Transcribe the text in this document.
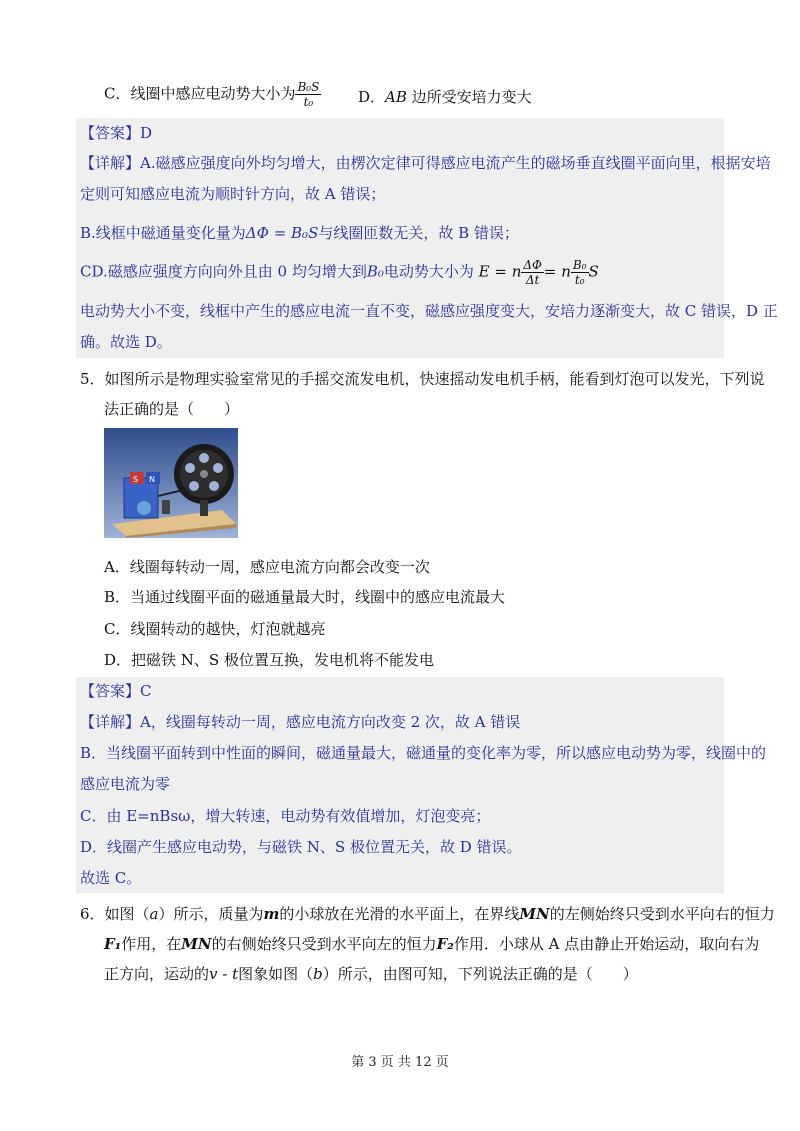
C．线圈中感应电动势大小为 $\frac{\text{B₀S}}{\text{t₀}}$ D．AB 边所受安培力变大
【答案】D
【详解】A.磁感应强度向外均匀增大，由楞次定律可得感应电流产生的磁场垂直线圈平面向里，根据安培
定则可知感应电流为顺时针方向，故 A 错误；
B.线框中磁通量变化量为ΔΦ = B₀S与线圈匝数无关，故 B 错误；
CD.磁感应强度方向向外且由 0 均匀增大到B₀电动势大小为 E = n $\frac{\Delta\Phi}{\Delta t} = n \frac{\text{B₀}}{\text{t₀}}$ S
电动势大小不变，线框中产生的感应电流一直不变，磁感应强度变大，安培力逐渐变大，故 C 错误，D 正
确。故选 D。
5．如图所示是物理实验室常见的手摇交流发电机，快速摇动发电机手柄，能看到灯泡可以发光，下列说
法正确的是（　　）
S N
A．线圈每转动一周，感应电流方向都会改变一次
B．当通过线圈平面的磁通量最大时，线圈中的感应电流最大
C．线圈转动的越快，灯泡就越亮
D．把磁铁 N、S 极位置互换，发电机将不能发电
【答案】C
【详解】A，线圈每转动一周，感应电流方向改变 2 次，故 A 错误
B．当线圈平面转到中性面的瞬间，磁通量最大，磁通量的变化率为零，所以感应电动势为零，线圈中的
感应电流为零
C．由 E=nBsω，增大转速，电动势有效值增加，灯泡变亮；
D．线圈产生感应电动势，与磁铁 N、S 极位置无关，故 D 错误。
故选 C。
6．如图（a）所示，质量为m的小球放在光滑的水平面上，在界线MN的左侧始终只受到水平向右的恒力
F₁作用，在MN的右侧始终只受到水平向左的恒力F₂作用．小球从 A 点由静止开始运动，取向右为
正方向，运动的v - t图象如图（b）所示，由图可知，下列说法正确的是（　　）
第 3 页 共 12 页
